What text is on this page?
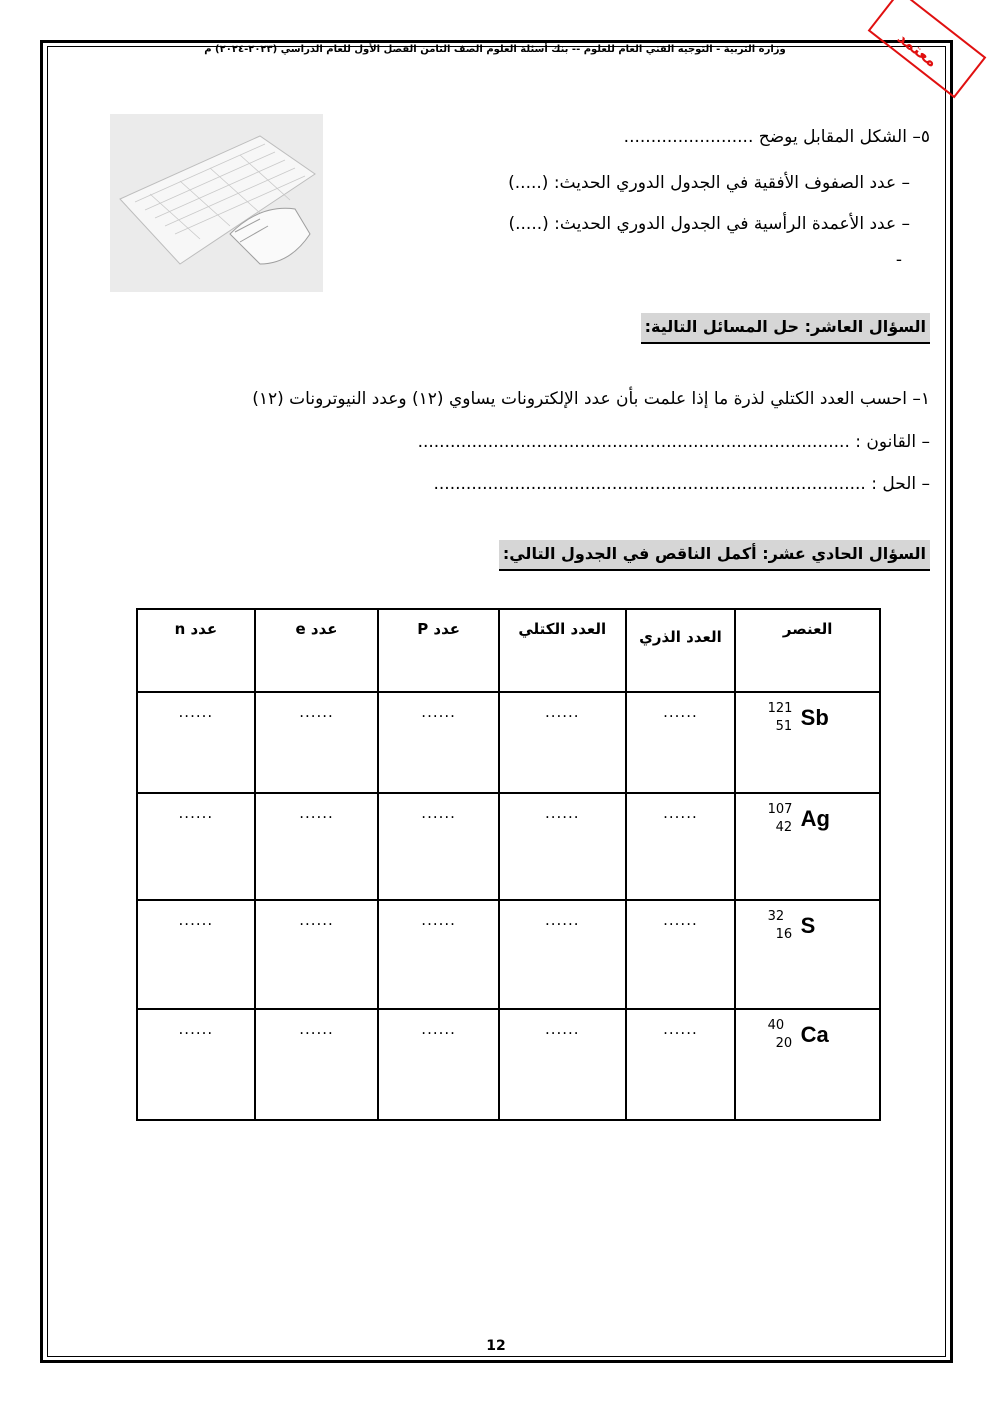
وزارة التربية - التوجيه الفني العام للعلوم -- بنك أسئلة العلوم الصف الثامن الفصل الأول للعام الدراسي (٢٠٢٣-٢٠٢٤) م	معتمد
٥– الشكل المقابل يوضح ........................
– عدد الصفوف الأفقية في الجدول الدوري الحديث: (.....)
– عدد الأعمدة الرأسية في الجدول الدوري الحديث: (.....)
-
السؤال العاشر: حل المسائل التالية:
١– احسب العدد الكتلي لذرة ما إذا علمت بأن عدد الإلكترونات يساوي (١٢) وعدد النيوترونات (١٢)
– القانون : ................................................................................
– الحل : ................................................................................
السؤال الحادي عشر: أكمل الناقص في الجدول التالي:
العنصر	العدد الذري	العدد الكتلي	عدد P	عدد e	عدد n

121
51 Sb	......	......	......	......	......

107
42 Ag	......	......	......	......	......

32
16 S	......	......	......	......	......

40
20 Ca	......	......	......	......	......
12
